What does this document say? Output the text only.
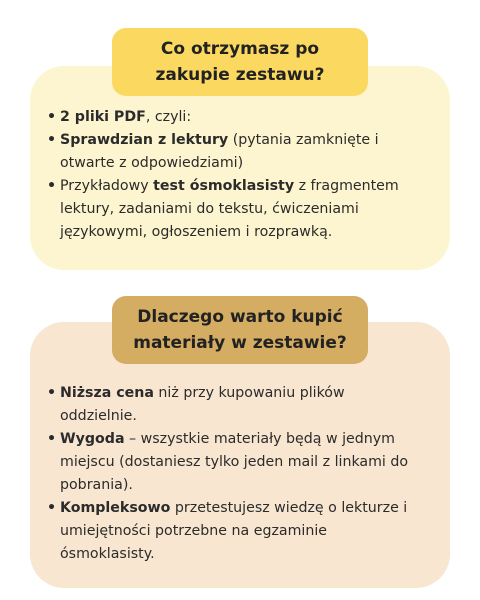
Co otrzymasz po zakupie zestawu?
• 2 pliki PDF, czyli:
• Sprawdzian z lektury (pytania zamknięte i otwarte z odpowiedziami)
• Przykładowy test ósmoklasisty z fragmentem lektury, zadaniami do tekstu, ćwiczeniami językowymi, ogłoszeniem i rozprawką.
Dlaczego warto kupić materiały w zestawie?
• Niższa cena niż przy kupowaniu plików oddzielnie.
• Wygoda – wszystkie materiały będą w jednym miejscu (dostaniesz tylko jeden mail z linkami do pobrania).
• Kompleksowo przetestujesz wiedzę o lekturze i umiejętności potrzebne na egzaminie ósmoklasisty.
